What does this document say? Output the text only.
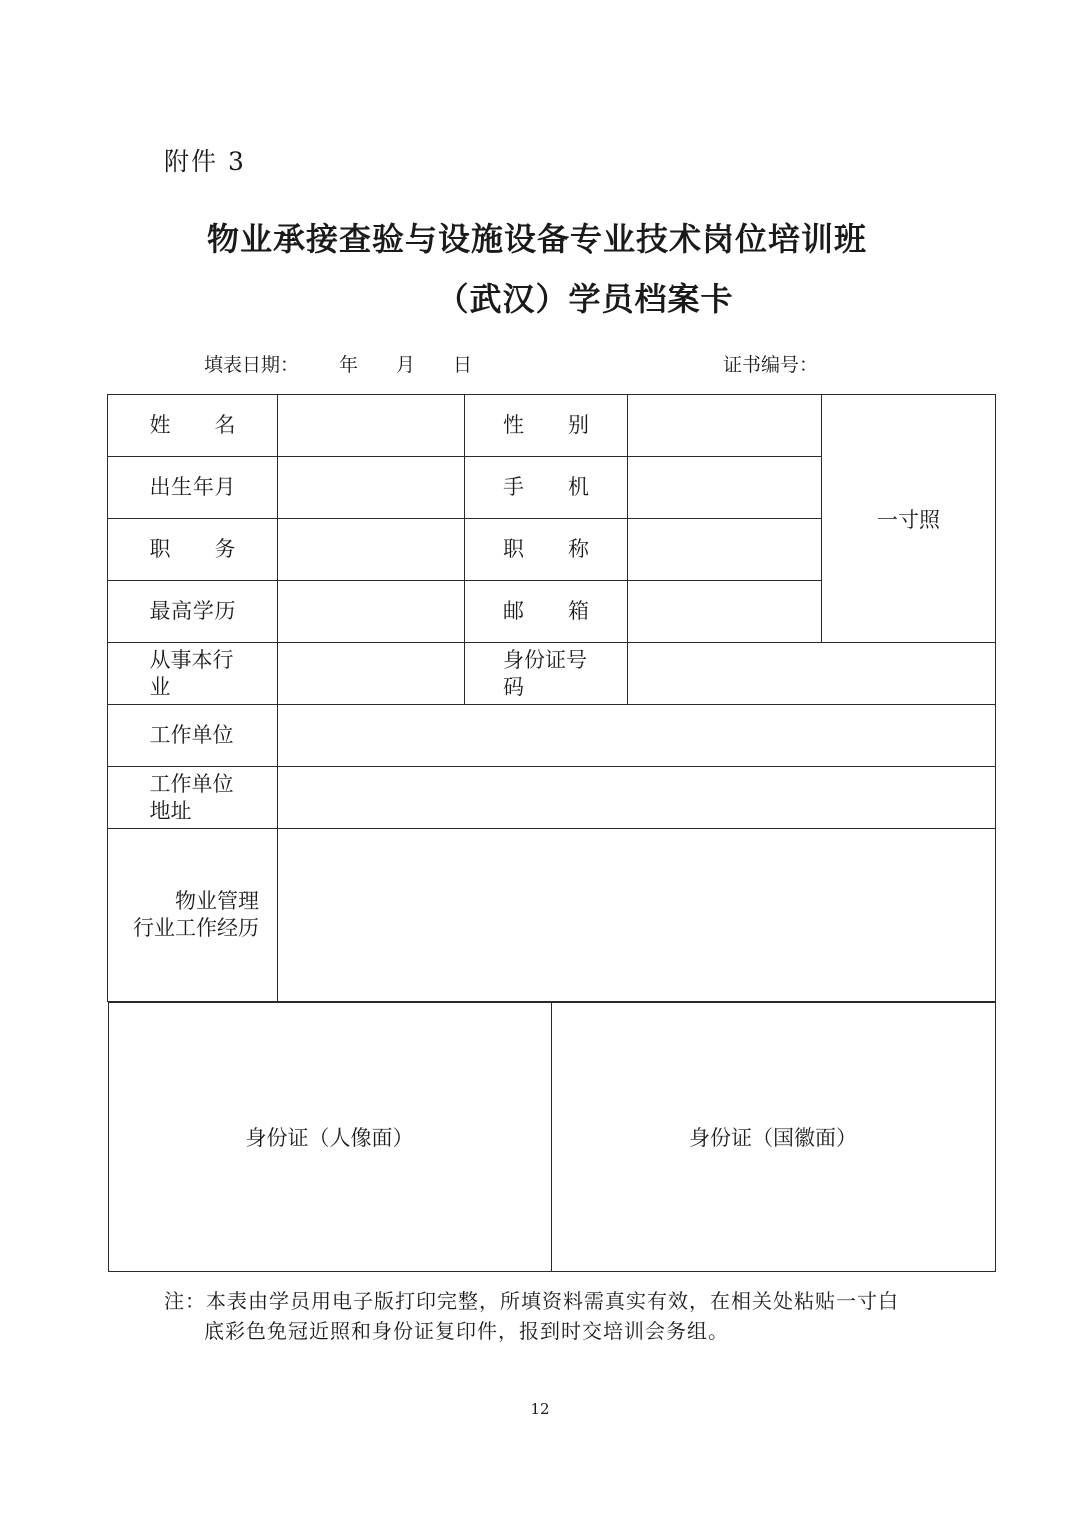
附件 3
物业承接查验与设施设备专业技术岗位培训班
（武汉）学员档案卡
填表日期： 年 月 日	证书编号：
姓　　名		性　　别		一寸照
出生年月		手　　机	
职　　务		职　　称	
最高学历		邮　　箱	
从事本行业		身份证号码	
工作单位	
工作单位地址	

物业管理
行业工作经历

身份证（人像面）	身份证（国徽面）
注：本表由学员用电子版打印完整，所填资料需真实有效，在相关处粘贴一寸白
底彩色免冠近照和身份证复印件，报到时交培训会务组。
12
